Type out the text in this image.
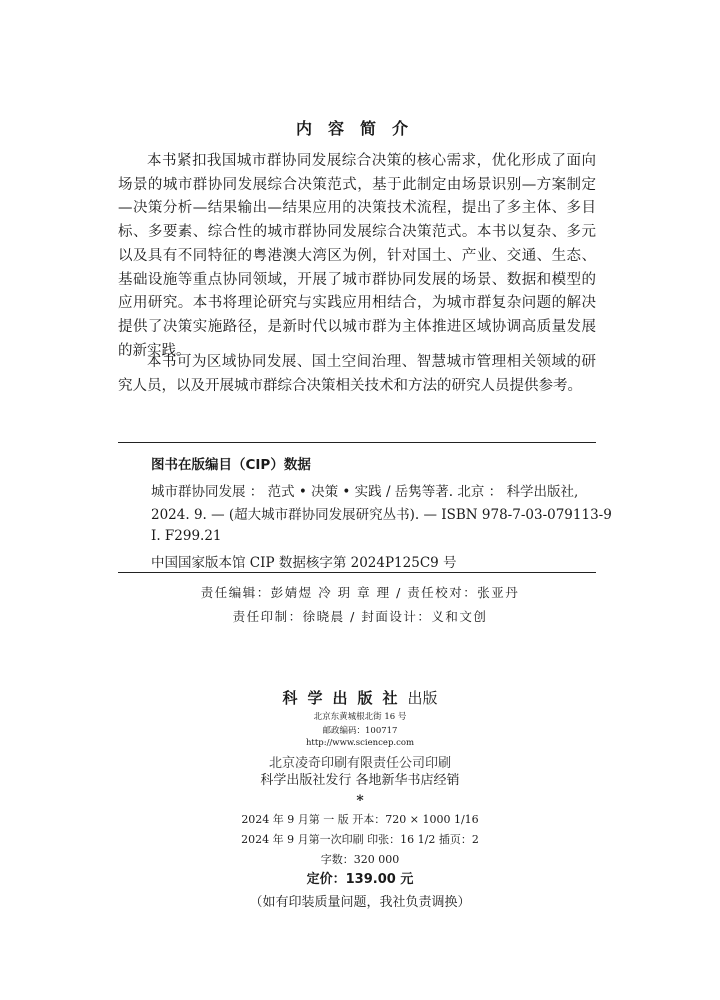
内容简介

本书紧扣我国城市群协同发展综合决策的核心需求，优化形成了面向场景的城市群协同发展综合决策范式，基于此制定由场景识别—方案制定—决策分析—结果输出—结果应用的决策技术流程，提出了多主体、多目标、多要素、综合性的城市群协同发展综合决策范式。本书以复杂、多元以及具有不同特征的粤港澳大湾区为例，针对国土、产业、交通、生态、基础设施等重点协同领域，开展了城市群协同发展的场景、数据和模型的应用研究。本书将理论研究与实践应用相结合，为城市群复杂问题的解决提供了决策实施路径，是新时代以城市群为主体推进区域协调高质量发展的新实践。

本书可为区域协同发展、国土空间治理、智慧城市管理相关领域的研究人员，以及开展城市群综合决策相关技术和方法的研究人员提供参考。

图书在版编目（CIP）数据
城市群协同发展 ： 范式 • 决策 • 实践 / 岳隽等著. 北京 ： 科学出版社,
2024. 9. — (超大城市群协同发展研究丛书). — ISBN 978-7-03-079113-9
Ⅰ. F299.21
中国国家版本馆 CIP 数据核字第 2024P125C9 号
责任编辑：彭婧煜 冷 玥 章 理 / 责任校对：张亚丹
责任印制：徐晓晨 / 封面设计：义和文创
科学出版社出版
北京东黄城根北街 16 号
邮政编码：100717
http://www.sciencep.com
北京凌奇印刷有限责任公司印刷
科学出版社发行 各地新华书店经销
*
2024 年 9 月第 一 版 开本：720 × 1000 1/16
2024 年 9 月第一次印刷 印张：16 1/2 插页：2
字数：320 000
定价：139.00 元
（如有印装质量问题，我社负责调换）
